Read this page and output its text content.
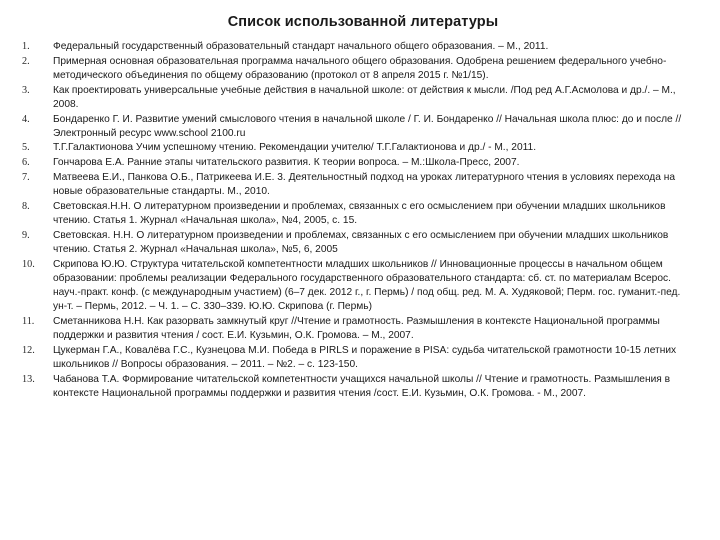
Список использованной литературы
1.	Федеральный государственный образовательный стандарт начального общего образования. – М., 2011.
2.	Примерная основная образовательная программа начального общего образования. Одобрена решением федерального учебно-методического объединения по общему образованию (протокол от 8 апреля 2015 г. №1/15).
3.	Как проектировать универсальные учебные действия в начальной школе: от действия к мысли. /Под ред А.Г.Асмолова и др./. – М., 2008.
4.	Бондаренко Г. И. Развитие умений смыслового чтения в начальной школе / Г. И. Бондаренко // Начальная школа плюс: до и после // Электронный ресурс www.school 2100.ru
5.	Т.Г.Галактионова Учим успешному чтению. Рекомендации учителю/ Т.Г.Галактионова и др./ - М., 2011.
6.	Гончарова Е.А. Ранние этапы читательского развития. К теории вопроса. – М.:Школа-Пресс, 2007.
7.	Матвеева Е.И., Панкова О.Б., Патрикеева И.Е. 3. Деятельностный подход на уроках литературного чтения в условиях перехода на новые образовательные стандарты. М., 2010.
8.	Световская.Н.Н. О литературном произведении и проблемах, связанных с его осмыслением при обучении младших школьников чтению. Статья 1. Журнал «Начальная школа», №4, 2005, с. 15.
9.	Световская. Н.Н. О литературном произведении и проблемах, связанных с его осмыслением при обучении младших школьников чтению. Статья 2. Журнал «Начальная школа», №5, 6, 2005
10.	Скрипова Ю.Ю. Структура читательской компетентности младших школьников // Инновационные процессы в начальном общем образовании: проблемы реализации Федерального государственного образовательного стандарта: сб. ст. по материалам Всерос. науч.-практ. конф. (с международным участием) (6–7 дек. 2012 г., г. Пермь) / под общ. ред. М. А. Худяковой; Перм. гос. гуманит.-пед. ун-т. – Пермь, 2012. – Ч. 1. – С. 330–339. Ю.Ю. Скрипова (г. Пермь)
11.	Сметанникова Н.Н. Как разорвать замкнутый круг //Чтение и грамотность. Размышления в контексте Национальной программы поддержки и развития чтения / сост. Е.И. Кузьмин, О.К. Громова. – М., 2007.
12.	Цукерман Г.А., Ковалёва Г.С., Кузнецова М.И. Победа в PIRLS и поражение в PISA: судьба читательской грамотности 10-15 летних школьников // Вопросы образования. – 2011. – №2. – с. 123-150.
13.	Чабанова Т.А. Формирование читательской компетентности учащихся начальной школы // Чтение и грамотность. Размышления в контексте Национальной программы поддержки и развития чтения /сост. Е.И. Кузьмин, О.К. Громова. - М., 2007.
